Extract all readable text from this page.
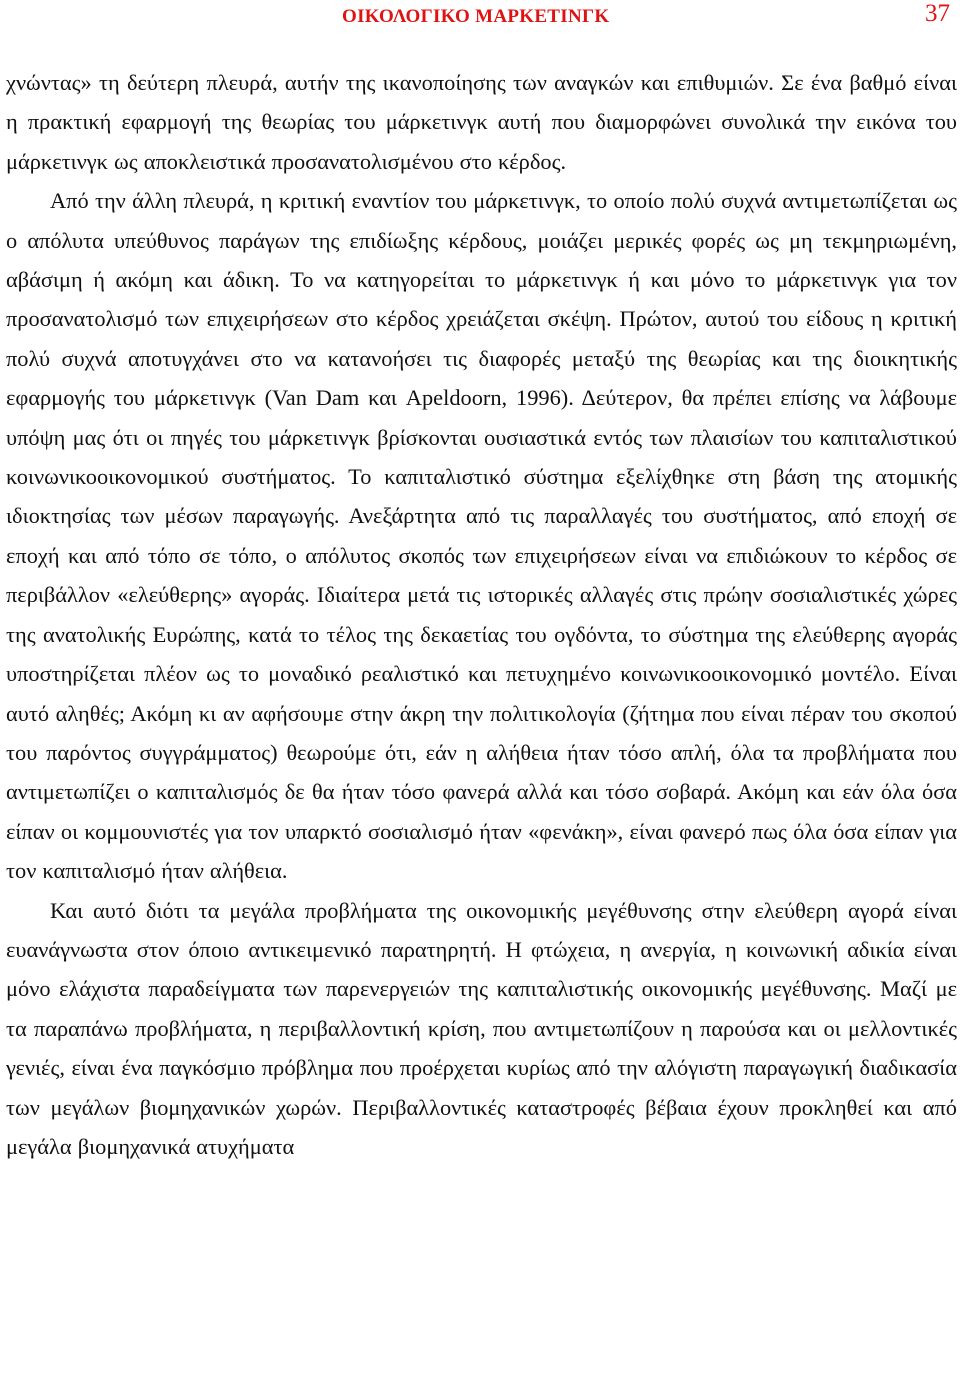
ΟΙΚΟΛΟΓΙΚΟ ΜΑΡΚΕΤΙΝΓΚ	37

χνώντας» τη δεύτερη πλευρά, αυτήν της ικανοποίησης των αναγκών και επιθυμιών. Σε ένα βαθμό είναι η πρακτική εφαρμογή της θεωρίας του μάρκετινγκ αυτή που διαμορφώνει συνολικά την εικόνα του μάρκετινγκ ως αποκλειστικά προσανατολισμένου στο κέρδος.

Από την άλλη πλευρά, η κριτική εναντίον του μάρκετινγκ, το οποίο πολύ συχνά αντιμετωπίζεται ως ο απόλυτα υπεύθυνος παράγων της επιδίωξης κέρδους, μοιάζει μερικές φορές ως μη τεκμηριωμένη, αβάσιμη ή ακόμη και άδικη. Το να κατηγορείται το μάρκετινγκ ή και μόνο το μάρκετινγκ για τον προσανατολισμό των επιχειρήσεων στο κέρδος χρειάζεται σκέψη. Πρώτον, αυτού του είδους η κριτική πολύ συχνά αποτυγχάνει στο να κατανοήσει τις διαφορές μεταξύ της θεωρίας και της διοικητικής εφαρμογής του μάρκετινγκ (Van Dam και Apeldoorn, 1996). Δεύτερον, θα πρέπει επίσης να λάβουμε υπόψη μας ότι οι πηγές του μάρκετινγκ βρίσκονται ουσιαστικά εντός των πλαισίων του καπιταλιστικού κοινωνικοοικονομικού συστήματος. Το καπιταλιστικό σύστημα εξελίχθηκε στη βάση της ατομικής ιδιοκτησίας των μέσων παραγωγής. Ανεξάρτητα από τις παραλλαγές του συστήματος, από εποχή σε εποχή και από τόπο σε τόπο, ο απόλυτος σκοπός των επιχειρήσεων είναι να επιδιώκουν το κέρδος σε περιβάλλον «ελεύθερης» αγοράς. Ιδιαίτερα μετά τις ιστορικές αλλαγές στις πρώην σοσιαλιστικές χώρες της ανατολικής Ευρώπης, κατά το τέλος της δεκαετίας του ογδόντα, το σύστημα της ελεύθερης αγοράς υποστηρίζεται πλέον ως το μοναδικό ρεαλιστικό και πετυχημένο κοινωνικοοικονομικό μοντέλο. Είναι αυτό αληθές; Ακόμη κι αν αφήσουμε στην άκρη την πολιτικολογία (ζήτημα που είναι πέραν του σκοπού του παρόντος συγγράμματος) θεωρούμε ότι, εάν η αλήθεια ήταν τόσο απλή, όλα τα προβλήματα που αντιμετωπίζει ο καπιταλισμός δε θα ήταν τόσο φανερά αλλά και τόσο σοβαρά. Ακόμη και εάν όλα όσα είπαν οι κομμουνιστές για τον υπαρκτό σοσιαλισμό ήταν «φενάκη», είναι φανερό πως όλα όσα είπαν για τον καπιταλισμό ήταν αλήθεια.

Και αυτό διότι τα μεγάλα προβλήματα της οικονομικής μεγέθυνσης στην ελεύθερη αγορά είναι ευανάγνωστα στον όποιο αντικειμενικό παρατηρητή. Η φτώχεια, η ανεργία, η κοινωνική αδικία είναι μόνο ελάχιστα παραδείγματα των παρενεργειών της καπιταλιστικής οικονομικής μεγέθυνσης. Μαζί με τα παραπάνω προβλήματα, η περιβαλλοντική κρίση, που αντιμετωπίζουν η παρούσα και οι μελλοντικές γενιές, είναι ένα παγκόσμιο πρόβλημα που προέρχεται κυρίως από την αλόγιστη παραγωγική διαδικασία των μεγάλων βιομηχανικών χωρών. Περιβαλλοντικές καταστροφές βέβαια έχουν προκληθεί και από μεγάλα βιομηχανικά ατυχήματα
